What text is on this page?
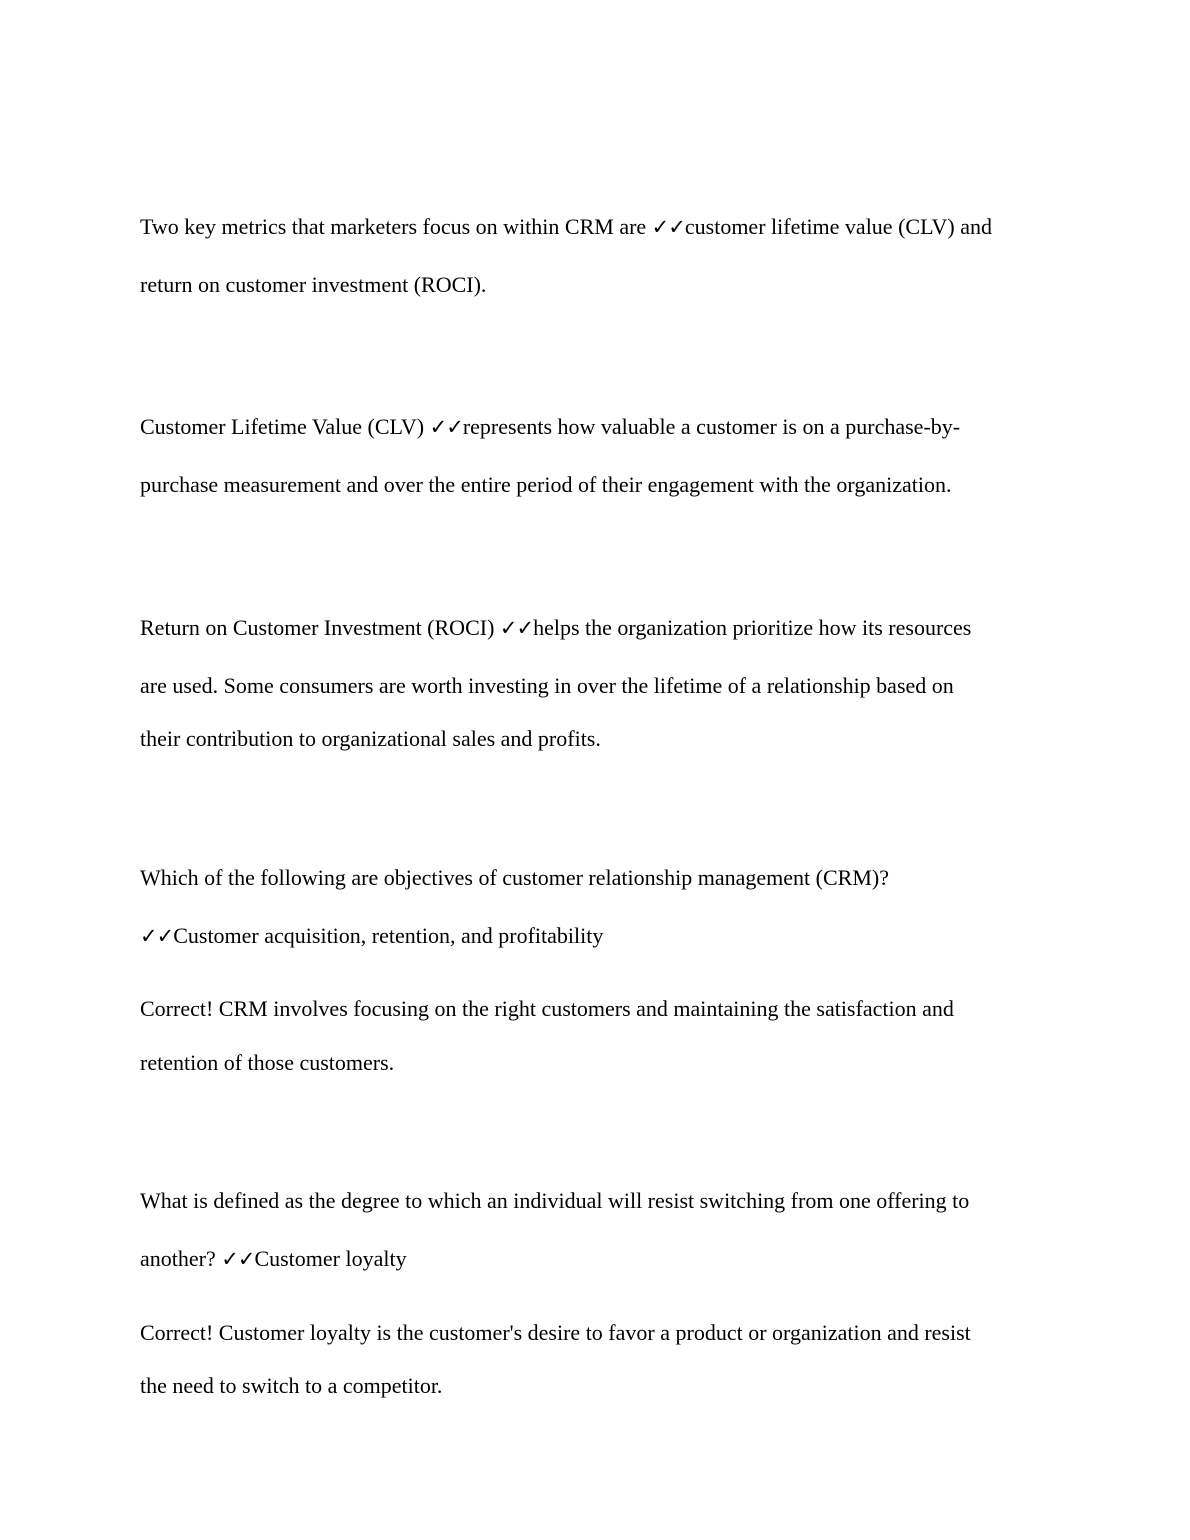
Two key metrics that marketers focus on within CRM are ✓✓customer lifetime value (CLV) and
return on customer investment (ROCI).
Customer Lifetime Value (CLV) ✓✓represents how valuable a customer is on a purchase-by-
purchase measurement and over the entire period of their engagement with the organization.
Return on Customer Investment (ROCI) ✓✓helps the organization prioritize how its resources
are used. Some consumers are worth investing in over the lifetime of a relationship based on
their contribution to organizational sales and profits.
Which of the following are objectives of customer relationship management (CRM)?
✓✓Customer acquisition, retention, and profitability
Correct! CRM involves focusing on the right customers and maintaining the satisfaction and
retention of those customers.
What is defined as the degree to which an individual will resist switching from one offering to
another? ✓✓Customer loyalty
Correct! Customer loyalty is the customer's desire to favor a product or organization and resist
the need to switch to a competitor.
